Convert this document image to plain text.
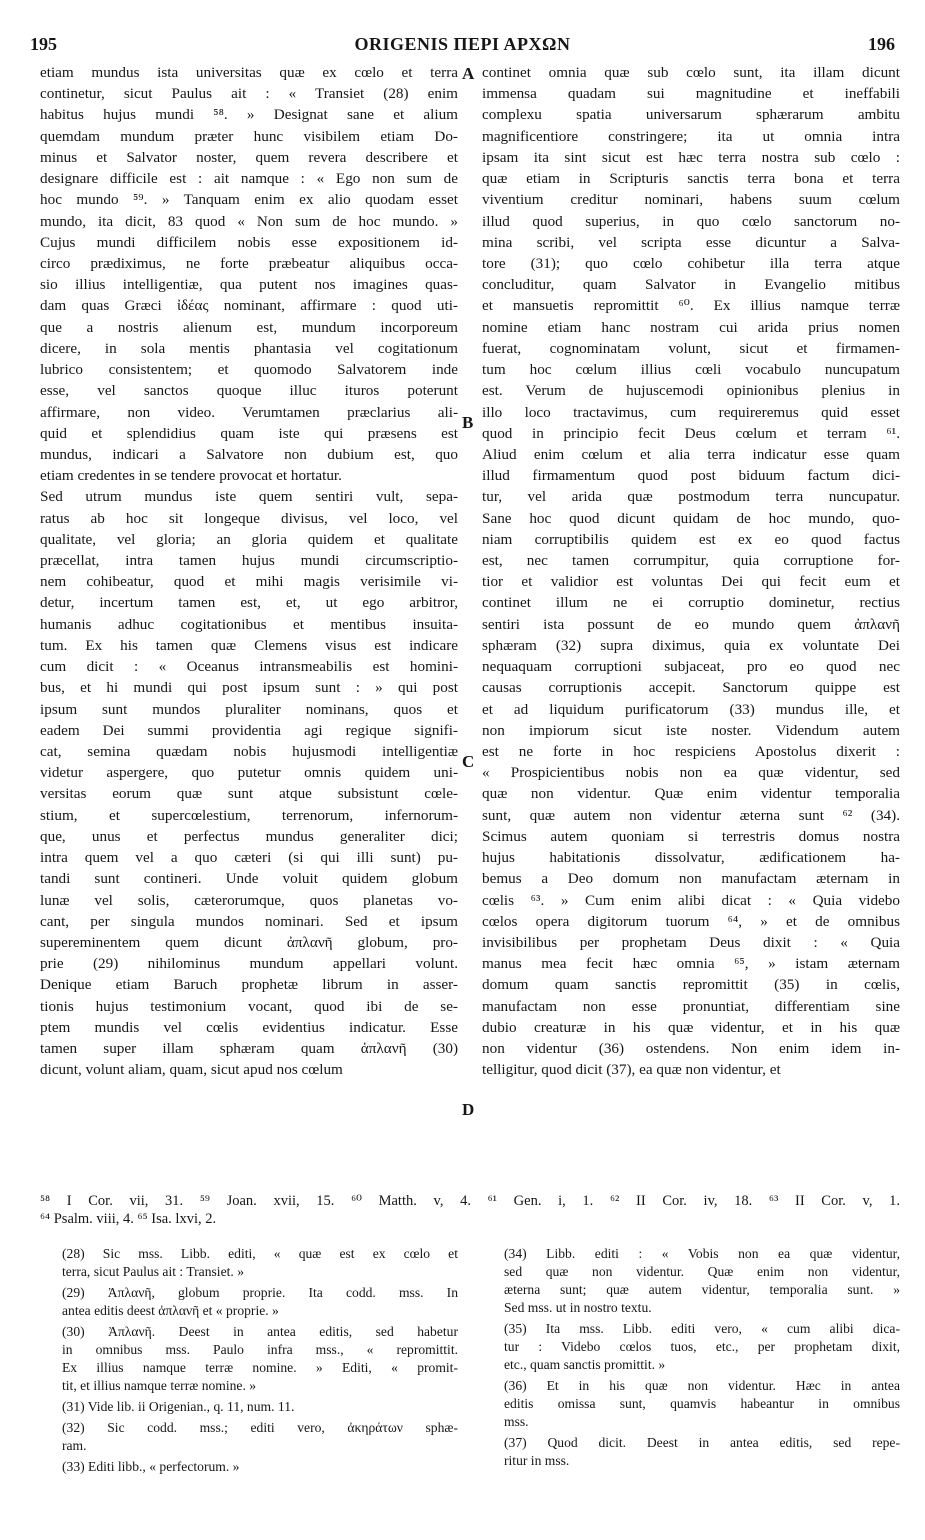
195	ORIGENIS ΠΕΡΙ ΑΡΧΩΝ	196
etiam mundus ista universitas quæ ex cœlo et terra
continetur, sicut Paulus ait : « Transiet (28) enim
habitus hujus mundi ⁵⁸. » Designat sane et alium
quemdam mundum præter hunc visibilem etiam Do-
minus et Salvator noster, quem revera describere et
designare difficile est : ait namque : « Ego non sum de
hoc mundo ⁵⁹. » Tanquam enim ex alio quodam esset
mundo, ita dicit, 83 quod « Non sum de hoc mundo. »
Cujus mundi difficilem nobis esse expositionem id-
circo prædiximus, ne forte præbeatur aliquibus occa-
sio illius intelligentiæ, qua putent nos imagines quas-
dam quas Græci ἰδέας nominant, affirmare : quod uti-
que a nostris alienum est, mundum incorporeum
dicere, in sola mentis phantasia vel cogitationum
lubrico consistentem; et quomodo Salvatorem inde
esse, vel sanctos quoque illuc ituros poterunt
affirmare, non video. Verumtamen præclarius ali-
quid et splendidius quam iste qui præsens est
mundus, indicari a Salvatore non dubium est, quo
etiam credentes in se tendere provocat et hortatur.
Sed utrum mundus iste quem sentiri vult, sepa-
ratus ab hoc sit longeque divisus, vel loco, vel
qualitate, vel gloria; an gloria quidem et qualitate
præcellat, intra tamen hujus mundi circumscriptio-
nem cohibeatur, quod et mihi magis verisimile vi-
detur, incertum tamen est, et, ut ego arbitror,
humanis adhuc cogitationibus et mentibus insuita-
tum. Ex his tamen quæ Clemens visus est indicare
cum dicit : « Oceanus intransmeabilis est homini-
bus, et hi mundi qui post ipsum sunt : » qui post
ipsum sunt mundos pluraliter nominans, quos et
eadem Dei summi providentia agi regique signifi-
cat, semina quædam nobis hujusmodi intelligentiæ
videtur aspergere, quo putetur omnis quidem uni-
versitas eorum quæ sunt atque subsistunt cœle-
stium, et supercœlestium, terrenorum, infernorum-
que, unus et perfectus mundus generaliter dici;
intra quem vel a quo cæteri (si qui illi sunt) pu-
tandi sunt contineri. Unde voluit quidem globum
lunæ vel solis, cæterorumque, quos planetas vo-
cant, per singula mundos nominari. Sed et ipsum
supereminentem quem dicunt ἀπλανῆ globum, pro-
prie (29) nihilominus mundum appellari volunt.
Denique etiam Baruch prophetæ librum in asser-
tionis hujus testimonium vocant, quod ibi de se-
ptem mundis vel cœlis evidentius indicatur. Esse
tamen super illam sphæram quam ἀπλανῆ (30)
dicunt, volunt aliam, quam, sicut apud nos cœlum
continet omnia quæ sub cœlo sunt, ita illam dicunt
immensa quadam sui magnitudine et ineffabili
complexu spatia universarum sphærarum ambitu
magnificentiore constringere; ita ut omnia intra
ipsam ita sint sicut est hæc terra nostra sub cœlo :
quæ etiam in Scripturis sanctis terra bona et terra
viventium creditur nominari, habens suum cœlum
illud quod superius, in quo cœlo sanctorum no-
mina scribi, vel scripta esse dicuntur a Salva-
tore (31); quo cœlo cohibetur illa terra atque
concluditur, quam Salvator in Evangelio mitibus
et mansuetis repromittit ⁶⁰. Ex illius namque terræ
nomine etiam hanc nostram cui arida prius nomen
fuerat, cognominatam volunt, sicut et firmamen-
tum hoc cœlum illius cœli vocabulo nuncupatum
est. Verum de hujuscemodi opinionibus plenius in
illo loco tractavimus, cum requireremus quid esset
quod in principio fecit Deus cœlum et terram ⁶¹.
Aliud enim cœlum et alia terra indicatur esse quam
illud firmamentum quod post biduum factum dici-
tur, vel arida quæ postmodum terra nuncupatur.
Sane hoc quod dicunt quidam de hoc mundo, quo-
niam corruptibilis quidem est ex eo quod factus
est, nec tamen corrumpitur, quia corruptione for-
tior et validior est voluntas Dei qui fecit eum et
continet illum ne ei corruptio dominetur, rectius
sentiri ista possunt de eo mundo quem ἀπλανῆ
sphæram (32) supra diximus, quia ex voluntate Dei
nequaquam corruptioni subjaceat, pro eo quod nec
causas corruptionis accepit. Sanctorum quippe est
et ad liquidum purificatorum (33) mundus ille, et
non impiorum sicut iste noster. Videndum autem
est ne forte in hoc respiciens Apostolus dixerit :
« Prospicientibus nobis non ea quæ videntur, sed
quæ non videntur. Quæ enim videntur temporalia
sunt, quæ autem non videntur æterna sunt ⁶² (34).
Scimus autem quoniam si terrestris domus nostra
hujus habitationis dissolvatur, ædificationem ha-
bemus a Deo domum non manufactam æternam in
cœlis ⁶³. » Cum enim alibi dicat : « Quia videbo
cœlos opera digitorum tuorum ⁶⁴, » et de omnibus
invisibilibus per prophetam Deus dixit : « Quia
manus mea fecit hæc omnia ⁶⁵, » istam æternam
domum quam sanctis repromittit (35) in cœlis,
manufactam non esse pronuntiat, differentiam sine
dubio creaturæ in his quæ videntur, et in his quæ
non videntur (36) ostendens. Non enim idem in-
telligitur, quod dicit (37), ea quæ non videntur, et
A
B
C
D
⁵⁸ I Cor. vii, 31. ⁵⁹ Joan. xvii, 15. ⁶⁰ Matth. v, 4. ⁶¹ Gen. i, 1. ⁶² II Cor. iv, 18. ⁶³ II Cor. v, 1.
⁶⁴ Psalm. viii, 4. ⁶⁵ Isa. lxvi, 2.
(28) Sic mss. Libb. editi, « quæ est ex cœlo et
terra, sicut Paulus ait : Transiet. »
(29) Ἀπλανῆ, globum proprie. Ita codd. mss. In
antea editis deest ἀπλανῆ et « proprie. »
(30) Ἀπλανῆ. Deest in antea editis, sed habetur
in omnibus mss. Paulo infra mss., « repromittit.
Ex illius namque terræ nomine. » Editi, « promit-
tit, et illius namque terræ nomine. »
(31) Vide lib. ii Origenian., q. 11, num. 11.
(32) Sic codd. mss.; editi vero, ἀκηράτων sphæ-
ram.
(33) Editi libb., « perfectorum. »
(34) Libb. editi : « Vobis non ea quæ videntur,
sed quæ non videntur. Quæ enim non videntur,
æterna sunt; quæ autem videntur, temporalia sunt. »
Sed mss. ut in nostro textu.
(35) Ita mss. Libb. editi vero, « cum alibi dica-
tur : Videbo cœlos tuos, etc., per prophetam dixit,
etc., quam sanctis promittit. »
(36) Et in his quæ non videntur. Hæc in antea
editis omissa sunt, quamvis habeantur in omnibus
mss.
(37) Quod dicit. Deest in antea editis, sed repe-
ritur in mss.
